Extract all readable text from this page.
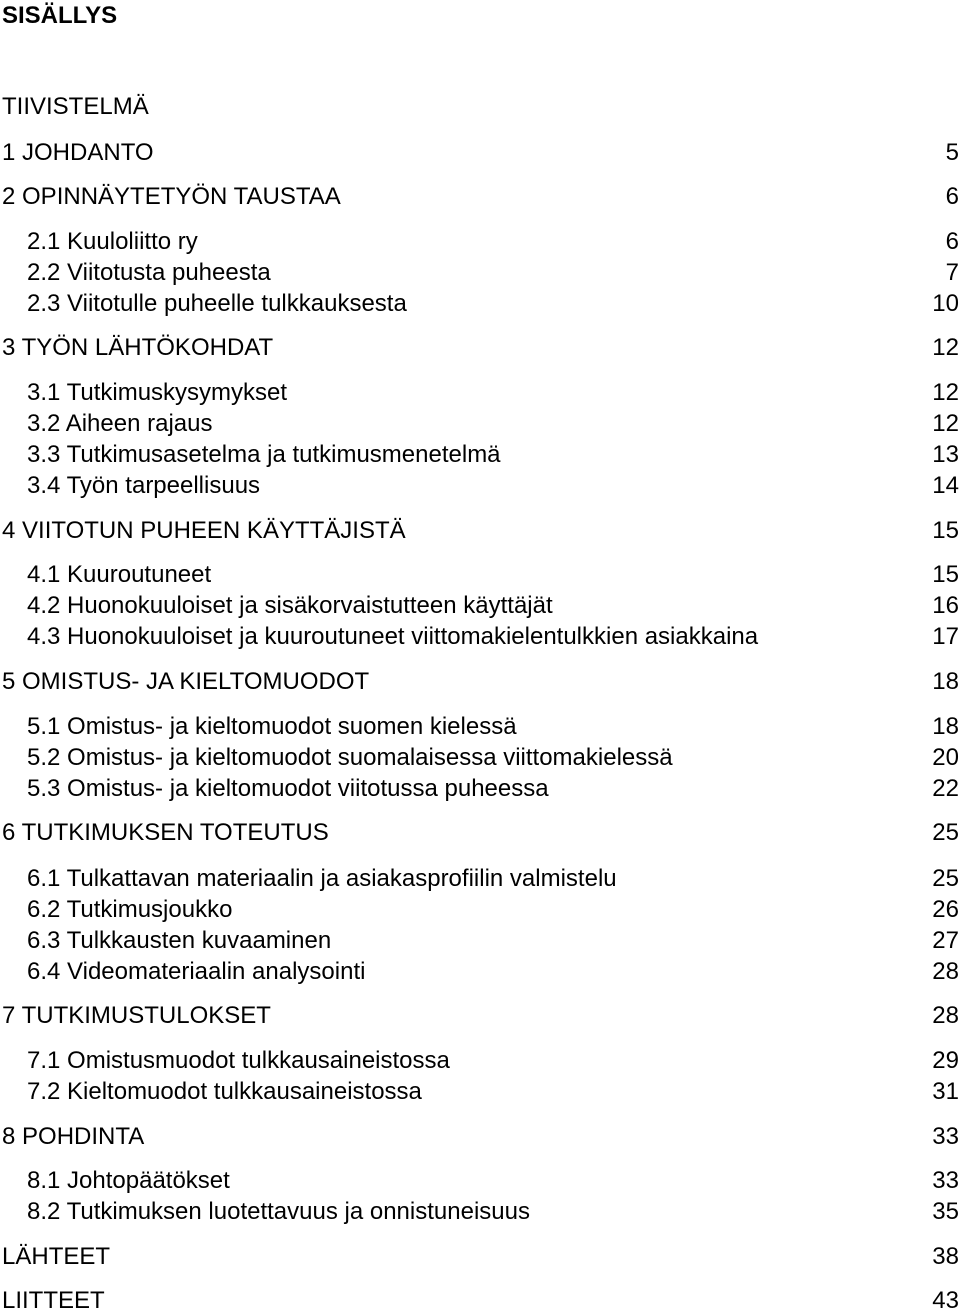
SISÄLLYS
TIIVISTELMÄ
1 JOHDANTO	5
2 OPINNÄYTETYÖN TAUSTAA	6
2.1 Kuuloliitto ry	6
2.2 Viitotusta puheesta	7
2.3 Viitotulle puheelle tulkkauksesta	10
3 TYÖN LÄHTÖKOHDAT	12
3.1 Tutkimuskysymykset	12
3.2 Aiheen rajaus	12
3.3 Tutkimusasetelma ja tutkimusmenetelmä	13
3.4 Työn tarpeellisuus	14
4 VIITOTUN PUHEEN KÄYTTÄJISTÄ	15
4.1 Kuuroutuneet	15
4.2 Huonokuuloiset ja sisäkorvaistutteen käyttäjät	16
4.3 Huonokuuloiset ja kuuroutuneet viittomakielentulkkien asiakkaina	17
5 OMISTUS- JA KIELTOMUODOT	18
5.1 Omistus- ja kieltomuodot suomen kielessä	18
5.2 Omistus- ja kieltomuodot suomalaisessa viittomakielessä	20
5.3 Omistus- ja kieltomuodot viitotussa puheessa	22
6 TUTKIMUKSEN TOTEUTUS	25
6.1 Tulkattavan materiaalin ja asiakasprofiilin valmistelu	25
6.2 Tutkimusjoukko	26
6.3 Tulkkausten kuvaaminen	27
6.4 Videomateriaalin analysointi	28
7 TUTKIMUSTULOKSET	28
7.1 Omistusmuodot tulkkausaineistossa	29
7.2 Kieltomuodot tulkkausaineistossa	31
8 POHDINTA	33
8.1 Johtopäätökset	33
8.2 Tutkimuksen luotettavuus ja onnistuneisuus	35
LÄHTEET	38
LIITTEET	43
